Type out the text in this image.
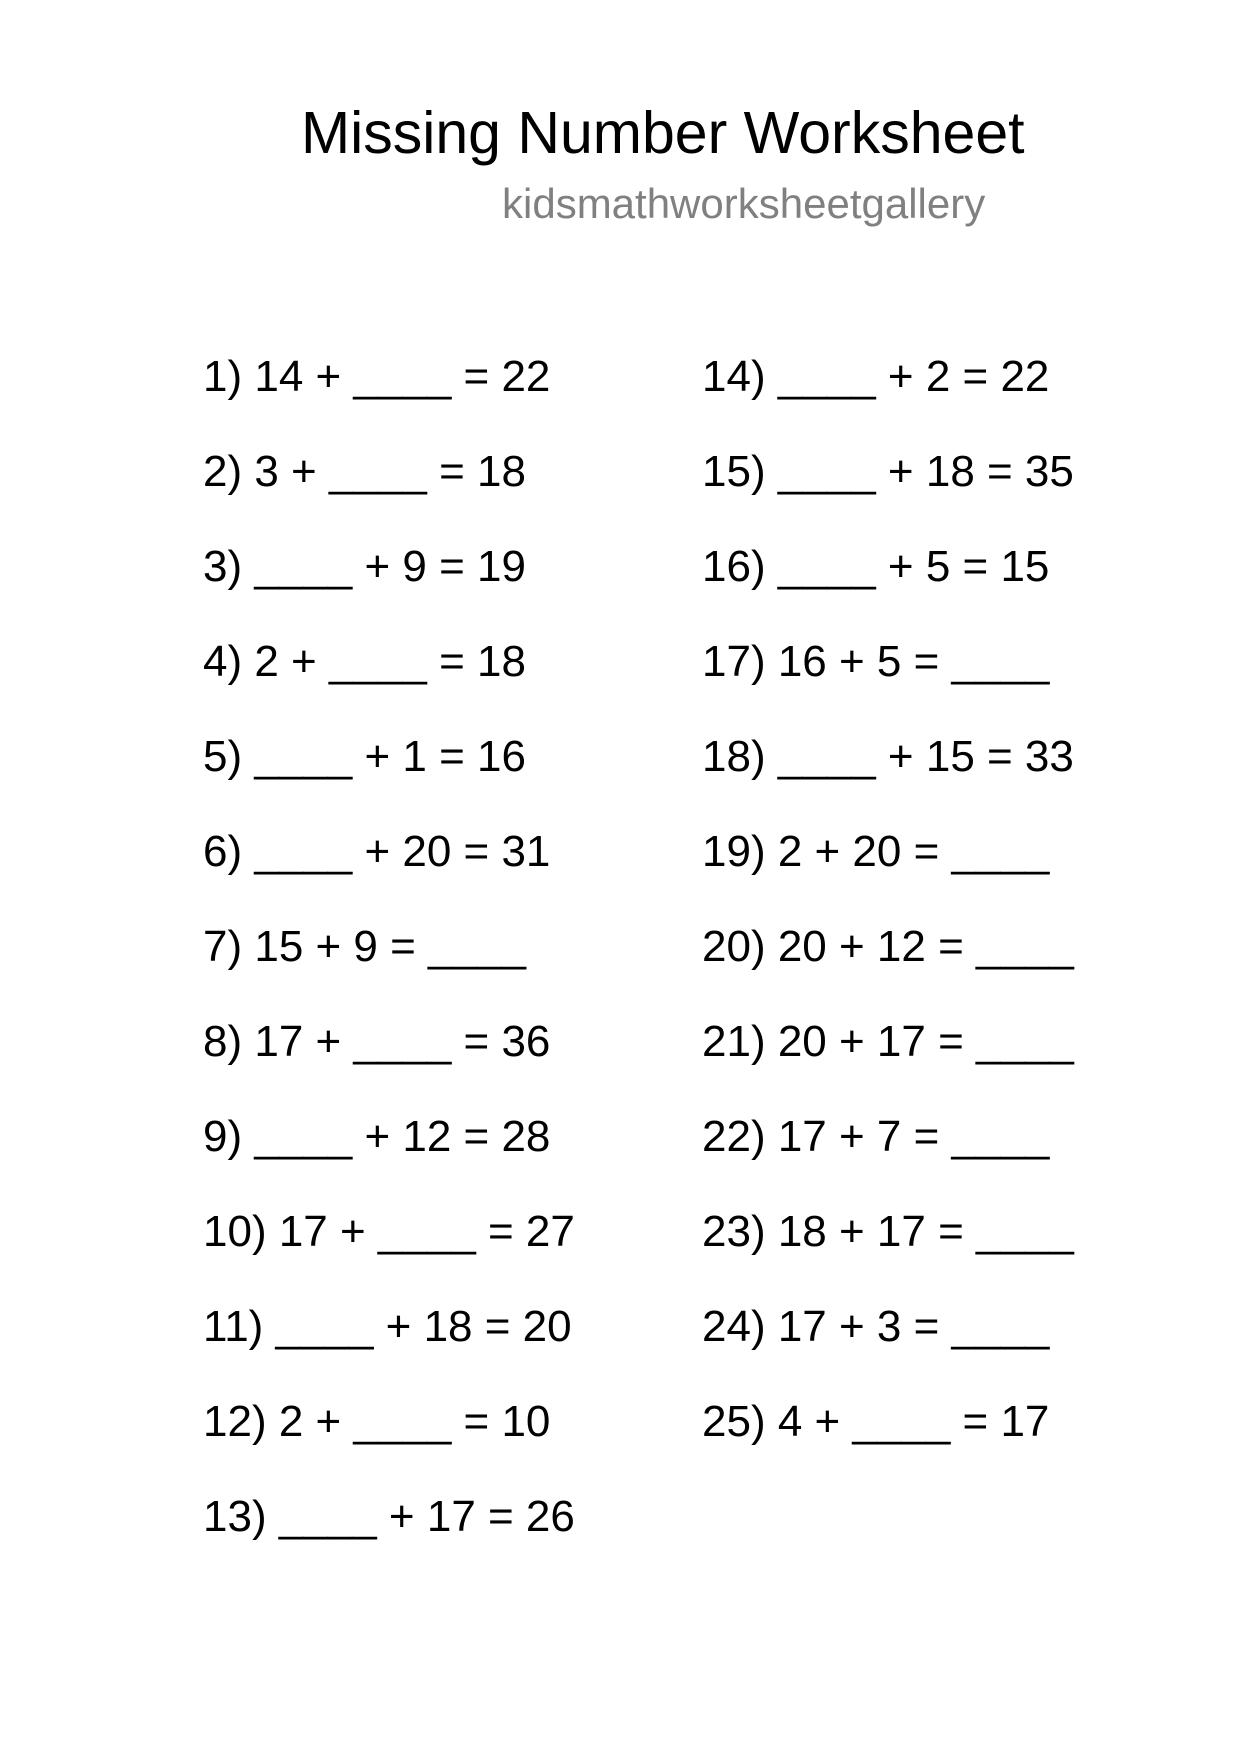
Missing Number Worksheet
kidsmathworksheetgallery
1) 14 + ____ = 22
2) 3 + ____ = 18
3) ____ + 9 = 19
4) 2 + ____ = 18
5) ____ + 1 = 16
6) ____ + 20 = 31
7) 15 + 9 = ____
8) 17 + ____ = 36
9) ____ + 12 = 28
10) 17 + ____ = 27
11) ____ + 18 = 20
12) 2 + ____ = 10
13) ____ + 17 = 26
14) ____ + 2 = 22
15) ____ + 18 = 35
16) ____ + 5 = 15
17) 16 + 5 = ____
18) ____ + 15 = 33
19) 2 + 20 = ____
20) 20 + 12 = ____
21) 20 + 17 = ____
22) 17 + 7 = ____
23) 18 + 17 = ____
24) 17 + 3 = ____
25) 4 + ____ = 17
